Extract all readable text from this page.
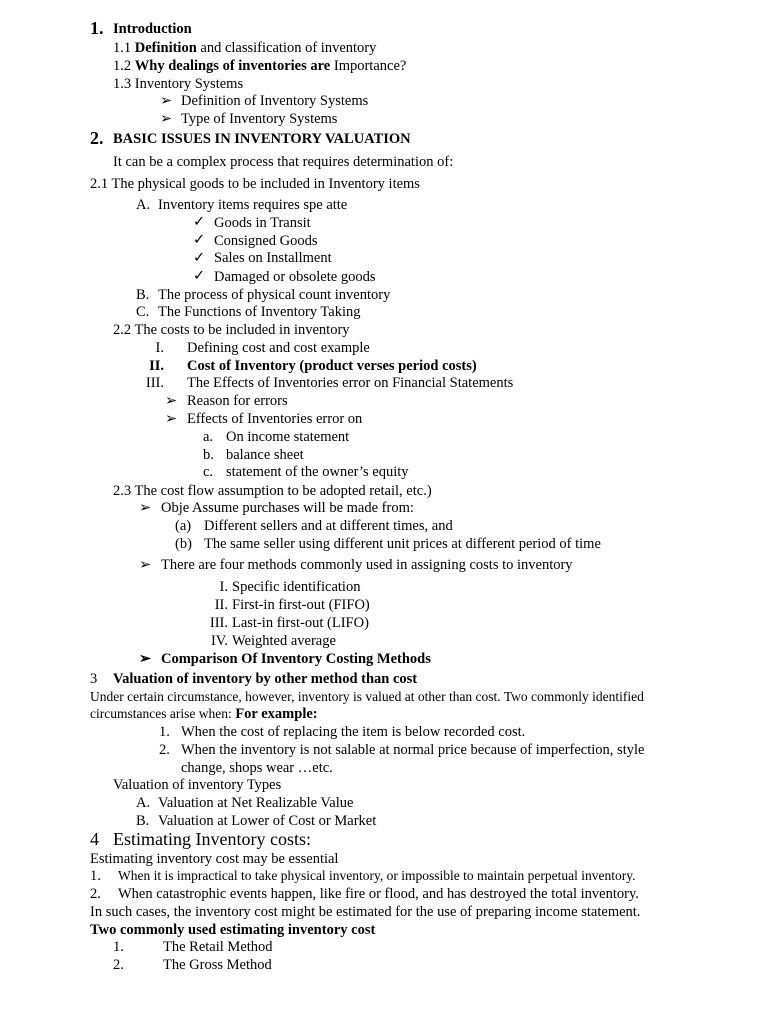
1. Introduction
1.1 Definition and classification of inventory
1.2 Why dealings of inventories are Importance?
1.3 Inventory Systems
➢ Definition of Inventory Systems
➢ Type of Inventory Systems
2. BASIC ISSUES IN INVENTORY VALUATION
It can be a complex process that requires determination of:
2.1 The physical goods to be included in Inventory items
A. Inventory items requires spe atte
✓ Goods in Transit
✓ Consigned Goods
✓ Sales on Installment
✓ Damaged or obsolete goods
B. The process of physical count inventory
C. The Functions of Inventory Taking
2.2 The costs to be included in inventory
I. Defining cost and cost example
II. Cost of Inventory (product verses period costs)
III. The Effects of Inventories error on Financial Statements
➢ Reason for errors
➢ Effects of Inventories error on
a. On income statement
b. balance sheet
c. statement of the owner’s equity
2.3 The cost flow assumption to be adopted retail, etc.)
➢ Obje Assume purchases will be made from:
(a) Different sellers and at different times, and
(b) The same seller using different unit prices at different period of time
➢ There are four methods commonly used in assigning costs to inventory
I. Specific identification
II. First-in first-out (FIFO)
III. Last-in first-out (LIFO)
IV. Weighted average
➢ Comparison Of Inventory Costing Methods
3 Valuation of inventory by other method than cost
Under certain circumstance, however, inventory is valued at other than cost. Two commonly identified
circumstances arise when: For example:
1. When the cost of replacing the item is below recorded cost.
2. When the inventory is not salable at normal price because of imperfection, style
change, shops wear …etc.
Valuation of inventory Types
A. Valuation at Net Realizable Value
B. Valuation at Lower of Cost or Market
4 Estimating Inventory costs:
Estimating inventory cost may be essential
1. When it is impractical to take physical inventory, or impossible to maintain perpetual inventory.
2. When catastrophic events happen, like fire or flood, and has destroyed the total inventory.
In such cases, the inventory cost might be estimated for the use of preparing income statement.
Two commonly used estimating inventory cost
1.	The Retail Method
2.	The Gross Method
